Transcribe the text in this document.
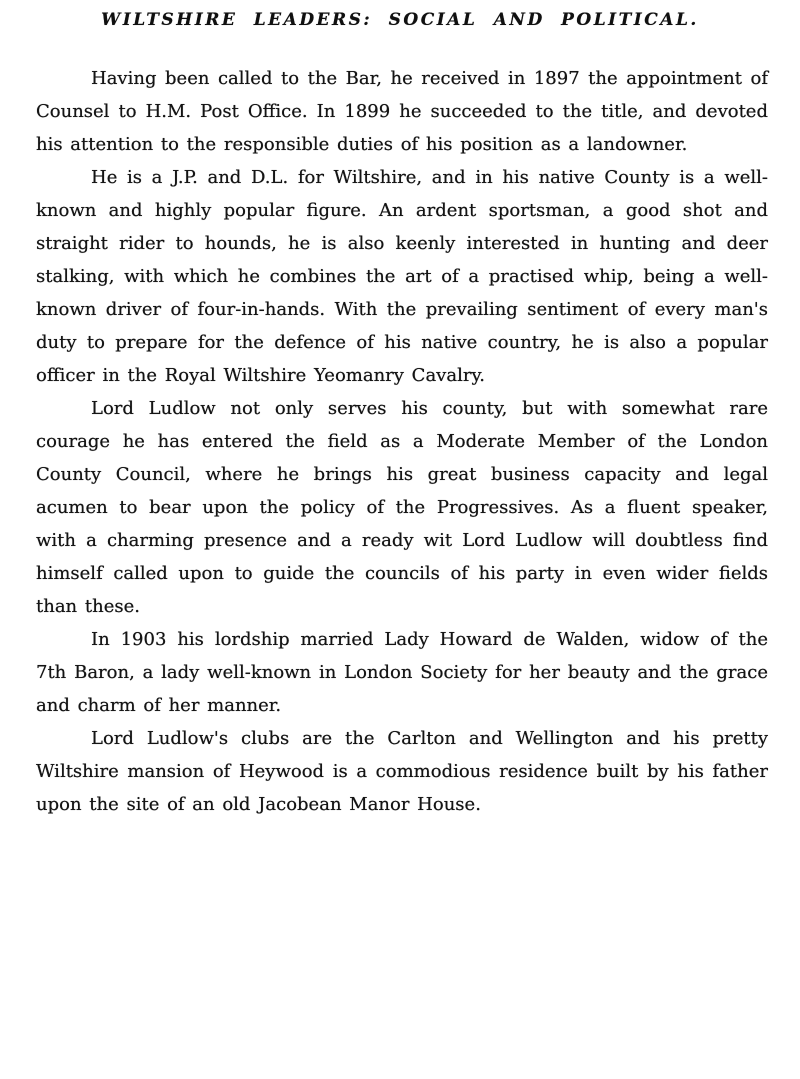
WILTSHIRE LEADERS: SOCIAL AND POLITICAL.

Having been called to the Bar, he received in 1897 the appointment of Counsel to H.M. Post Office. In 1899 he succeeded to the title, and devoted his attention to the responsible duties of his position as a landowner.

He is a J.P. and D.L. for Wiltshire, and in his native County is a well-known and highly popular figure. An ardent sportsman, a good shot and straight rider to hounds, he is also keenly interested in hunting and deer stalking, with which he combines the art of a practised whip, being a well-known driver of four-in-hands. With the prevailing sentiment of every man's duty to prepare for the defence of his native country, he is also a popular officer in the Royal Wiltshire Yeomanry Cavalry.

Lord Ludlow not only serves his county, but with somewhat rare courage he has entered the field as a Moderate Member of the London County Council, where he brings his great business capacity and legal acumen to bear upon the policy of the Progressives. As a fluent speaker, with a charming presence and a ready wit Lord Ludlow will doubtless find himself called upon to guide the councils of his party in even wider fields than these.

In 1903 his lordship married Lady Howard de Walden, widow of the 7th Baron, a lady well-known in London Society for her beauty and the grace and charm of her manner.

Lord Ludlow's clubs are the Carlton and Wellington and his pretty Wiltshire mansion of Heywood is a commodious residence built by his father upon the site of an old Jacobean Manor House.
